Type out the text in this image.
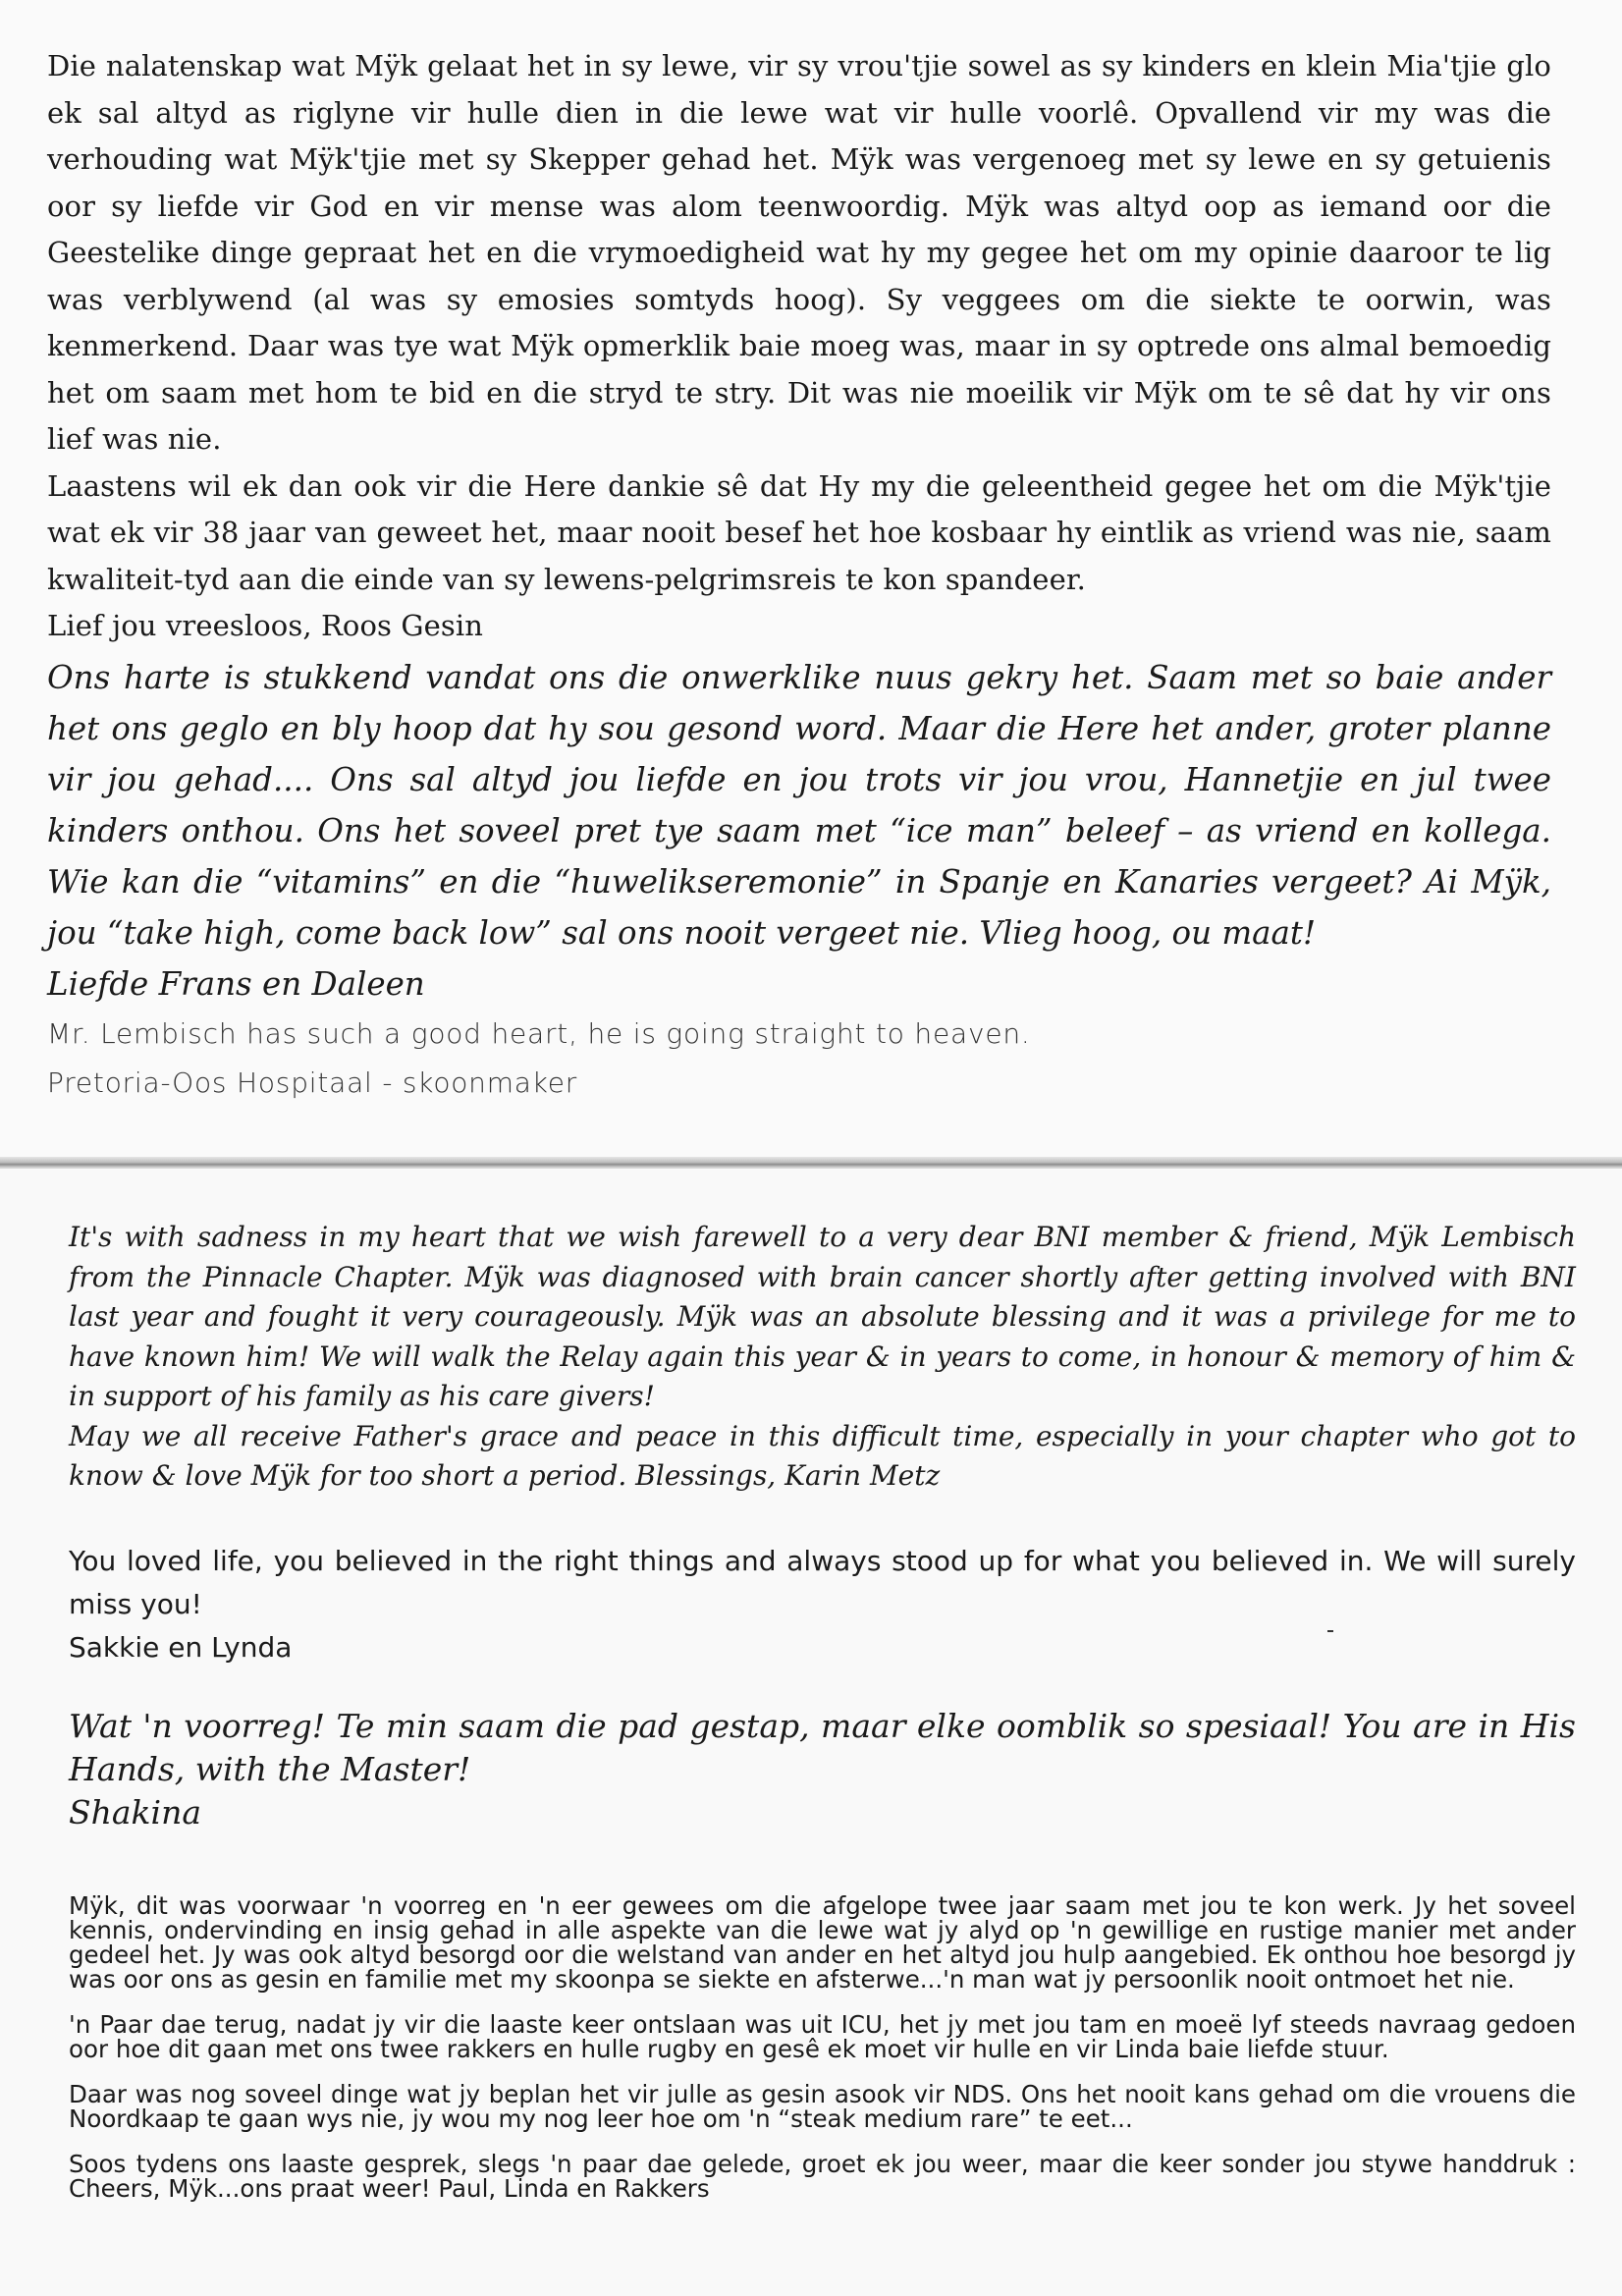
Die nalatenskap wat Mÿk gelaat het in sy lewe, vir sy vrou'tjie sowel as sy kinders en klein Mia'tjie glo ek sal altyd as riglyne vir hulle dien in die lewe wat vir hulle voorlê. Opvallend vir my was die verhouding wat Mÿk'tjie met sy Skepper gehad het. Mÿk was vergenoeg met sy lewe en sy getuienis oor sy liefde vir God en vir mense was alom teenwoordig. Mÿk was altyd oop as iemand oor die Geestelike dinge gepraat het en die vrymoedigheid wat hy my gegee het om my opinie daaroor te lig was verblywend (al was sy emosies somtyds hoog). Sy veggees om die siekte te oorwin, was kenmerkend. Daar was tye wat Mÿk opmerklik baie moeg was, maar in sy optrede ons almal bemoedig het om saam met hom te bid en die stryd te stry. Dit was nie moeilik vir Mÿk om te sê dat hy vir ons lief was nie.

Laastens wil ek dan ook vir die Here dankie sê dat Hy my die geleentheid gegee het om die Mÿk'tjie wat ek vir 38 jaar van geweet het, maar nooit besef het hoe kosbaar hy eintlik as vriend was nie, saam kwaliteit-tyd aan die einde van sy lewens-pelgrimsreis te kon spandeer.

Lief jou vreesloos, Roos Gesin

Ons harte is stukkend vandat ons die onwerklike nuus gekry het. Saam met so baie ander het ons geglo en bly hoop dat hy sou gesond word. Maar die Here het ander, groter planne vir jou gehad.... Ons sal altyd jou liefde en jou trots vir jou vrou, Hannetjie en jul twee kinders onthou. Ons het soveel pret tye saam met “ice man” beleef – as vriend en kollega. Wie kan die “vitamins” en die “huwelikseremonie” in Spanje en Kanaries vergeet? Ai Mÿk, jou “take high, come back low” sal ons nooit vergeet nie. Vlieg hoog, ou maat!

Liefde Frans en Daleen

Mr. Lembisch has such a good heart, he is going straight to heaven.

Pretoria-Oos Hospitaal - skoonmaker

It's with sadness in my heart that we wish farewell to a very dear BNI member & friend, Mÿk Lembisch from the Pinnacle Chapter. Mÿk was diagnosed with brain cancer shortly after getting involved with BNI last year and fought it very courageously. Mÿk was an absolute blessing and it was a privilege for me to have known him! We will walk the Relay again this year & in years to come, in honour & memory of him & in support of his family as his care givers!

May we all receive Father's grace and peace in this difficult time, especially in your chapter who got to know & love Mÿk for too short a period. Blessings, Karin Metz

You loved life, you believed in the right things and always stood up for what you believed in. We will surely miss you!

Sakkie en Lynda

Wat 'n voorreg! Te min saam die pad gestap, maar elke oomblik so spesiaal! You are in His Hands, with the Master!

Shakina

Mÿk, dit was voorwaar 'n voorreg en 'n eer gewees om die afgelope twee jaar saam met jou te kon werk. Jy het soveel kennis, ondervinding en insig gehad in alle aspekte van die lewe wat jy alyd op 'n gewillige en rustige manier met ander gedeel het. Jy was ook altyd besorgd oor die welstand van ander en het altyd jou hulp aangebied. Ek onthou hoe besorgd jy was oor ons as gesin en familie met my skoonpa se siekte en afsterwe...'n man wat jy persoonlik nooit ontmoet het nie.

'n Paar dae terug, nadat jy vir die laaste keer ontslaan was uit ICU, het jy met jou tam en moeë lyf steeds navraag gedoen oor hoe dit gaan met ons twee rakkers en hulle rugby en gesê ek moet vir hulle en vir Linda baie liefde stuur.

Daar was nog soveel dinge wat jy beplan het vir julle as gesin asook vir NDS. Ons het nooit kans gehad om die vrouens die Noordkaap te gaan wys nie, jy wou my nog leer hoe om 'n “steak medium rare” te eet...

Soos tydens ons laaste gesprek, slegs 'n paar dae gelede, groet ek jou weer, maar die keer sonder jou stywe handdruk : Cheers, Mÿk...ons praat weer! Paul, Linda en Rakkers
